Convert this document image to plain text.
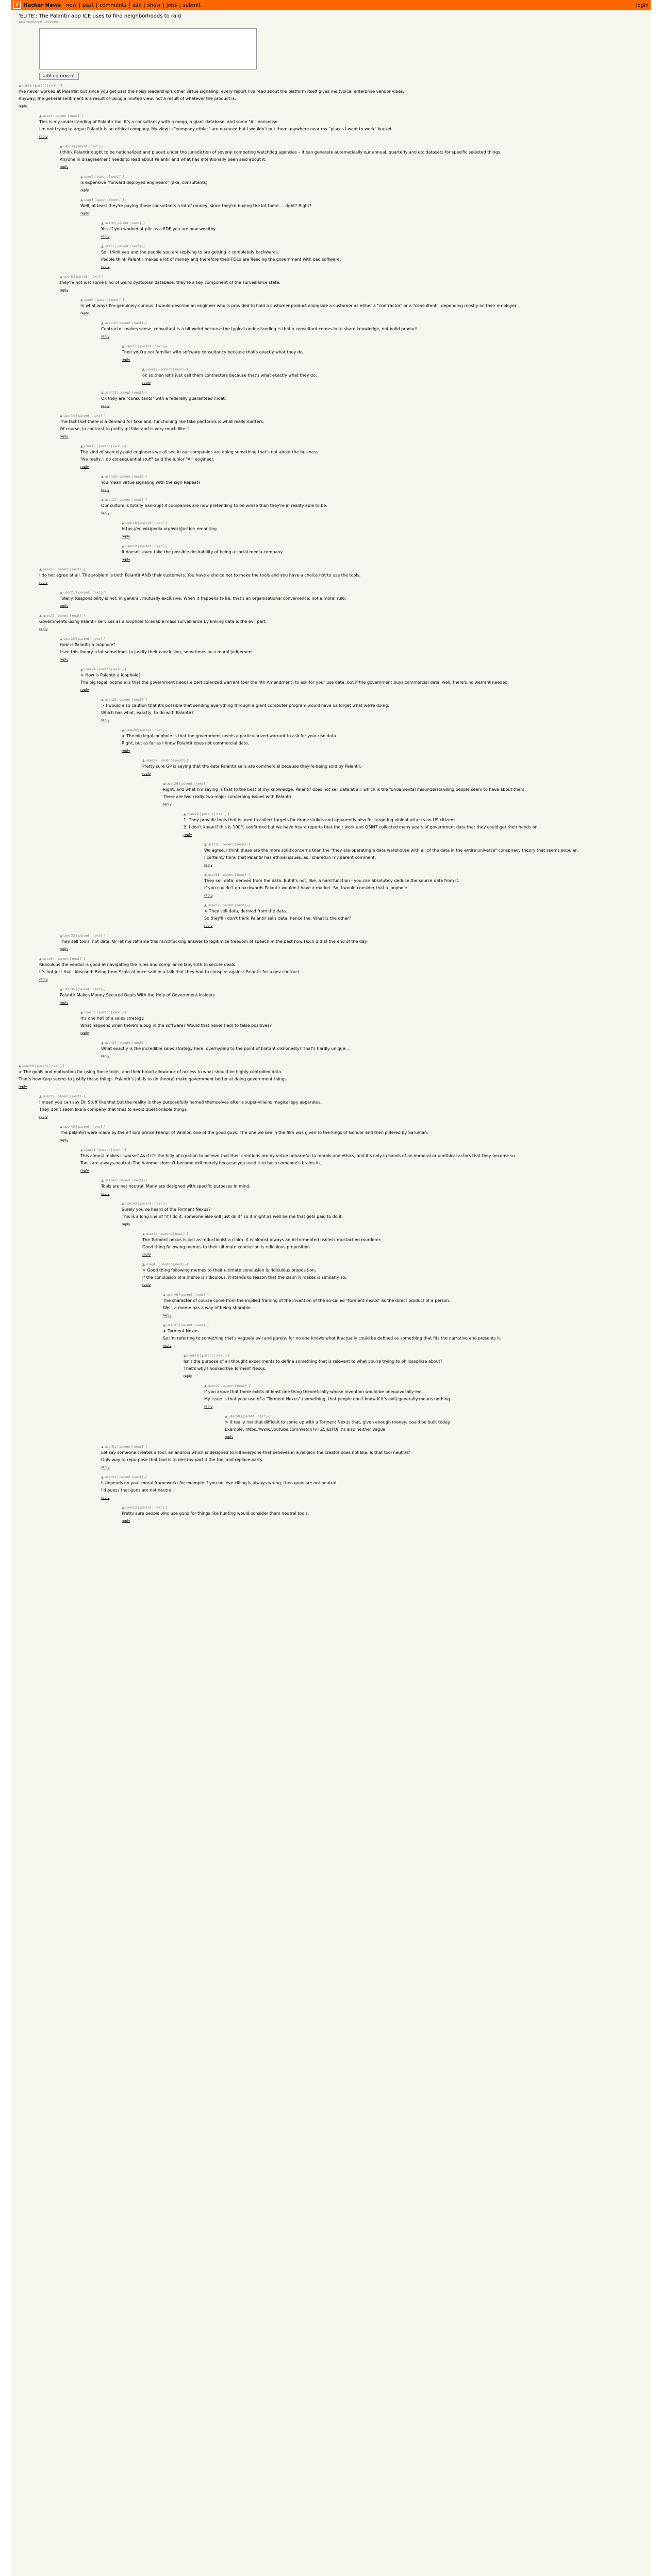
Y Hacker News new | past | comments | ask | show | jobs | submit	login
'ELITE': The Palantir app ICE uses to find neighborhoods to raid
404media.co · discuss
add comment
▲ user1 | parent | next [–]

I've never worked at Palantir, but since you get past the noisy leadership's other virtue signaling, every report I've read about the platform itself gives me typical enterprise vendor vibes.

Anyway, the general sentiment is a result of using a limited view, not a result of whatever the product is.

reply
▲ user2 | parent | next [–]

This is my understanding of Palantir too. It's a consultancy with a mega, a giant database, and some "AI" nonsense.

I'm not trying to argue Palantir is an ethical company. My view is "company ethics" are nuanced but I wouldn't put them anywhere near my "places I want to work" bucket.

reply
▲ user3 | parent | next [–]

I think Palantir ought to be nationalized and placed under the jurisdiction of several competing watchdog agencies – it can generate automatically our annual, quarterly and etc datasets for specific selected things.

Anyone in disagreement needs to read about Palantir and what has intentionally been said about it.

reply
▲ user4 | parent | next [–]

Is expensive "forward deployed engineers" (aka, consultants)

reply
▲ user5 | parent | next [–]

Well, at least they're paying those consultants a lot of money, since they're buying the lot there.... right? Right?

reply
▲ user6 | parent | next [–]

Yes. If you worked at pltr as a FDE you are now wealthy.

reply
▲ user7 | parent | next [–]

So I think you and the people you are replying to are getting it completely backwards.

People think Palantir makes a lot of money and therefore their FDEs are fleecing the government with bad software.

reply
▲ user8 | parent | next [–]

they're not just some kind of weird dystopian database, they're a key component of the surveillance state.

reply
▲ user9 | parent | next [–]

In what way? I'm genuinely curious. I would describe an engineer who is provided to hold a customer product alongside a customer as either a "contractor" or a "consultant", depending mostly on their employer.

reply
▲ user10 | parent | next [–]

Contractor makes sense, consultant is a bit weird because the typical understanding is that a consultant comes in to share knowledge, not build product.

reply
▲ user11 | parent | next [–]

Then you're not familiar with software consultancy because that's exactly what they do.

reply
▲ user12 | parent | next [–]

ok so then let's just call them contractors because that's what exactly what they do.

reply
▲ user13 | parent | next [–]

Ok they are "consultants" with a federally guaranteed moat.

reply
▲ user14 | parent | next [–]

The fact that there is a demand for fake and, functioning like fake platforms is what really matters.

Of course, in contrast to pretty all fake and is very much like it.

reply
▲ user15 | parent | next [–]

The kind of scarcely-paid engineers we all see in our companies are doing something that's not about the business.

"No really, I do consequential stuff" said the junior "AI" engineer.

reply
▲ user16 | parent | next [–]

You mean virtue signaling with the sign Repeat?

reply
▲ user17 | parent | next [–]

Our culture is totally bankrupt if companies are now pretending to be worse than they're in reality able to be.

reply
▲ user18 | parent | next [–]

https://en.wikipedia.org/wiki/Justice_emanting

reply
▲ user19 | parent | next [–]

It doesn't even take the possible desirability of being a social media company.

reply
▲ user20 | parent | next [–]

I do not agree at all. The problem is both Palantir AND their customers. You have a choice not to make the tools and you have a choice not to use the tools.

reply
▲ user21 | parent | next [–]

Totally. Responsibility is not, in general, mutually exclusive. When it happens to be, that's an organisational convenience, not a moral rule.

reply
▲ user22 | parent | next [–]

Governments using Palantir services as a loophole to enable mass surveillance by linking data is the evil part.

reply
▲ user23 | parent | next [–]

How is Palantir a loophole?

I see this theory a lot sometimes to justify their conclusion, sometimes as a moral judgement.

reply
▲ user24 | parent | next [–]

> How is Palantir a loophole?

The big legal loophole is that the government needs a particularized warrant (per the 4th Amendment) to ask for your use data, but if the government buys commercial data, well, there's no warrant needed.

reply
▲ user25 | parent | next [–]

> I would also caution that it's possible that sending everything through a giant computer program would have us forget what we're doing.

Which has what, exactly, to do with Palantir?

reply
▲ user26 | parent | next [–]

> The big legal loophole is that the government needs a particularized warrant to ask for your use data.

Right, but as far as I know Palantir does not commercial data.

reply
▲ user27 | parent | next [–]

Pretty sure GP is saying that the data Palantir sells are commercial because they're being sold by Palantir.

reply
▲ user28 | parent | next [–]

Right, and what I'm saying is that to the best of my knowledge, Palantir does not sell data at all, which is the fundamental misunderstanding people seem to have about them.

There are two really two major concerning issues with Palantir:

reply
▲ user29 | parent | next [–]

1. They provide tools that is used to collect targets for drone strikes and apparently also for targeting violent attacks on US citizens.

2. I don't know if this is 100% confirmed but we have heard reports that their work and OSINT collected many years of government data that they could get their hands on.

reply
▲ user30 | parent | next [–]

We agree, I think these are the more solid concerns than the "they are operating a data warehouse with all of the data in the entire universe" conspiracy theory that seems popular.

I certainly think that Palantir has ethical issues, as I shared in my parent comment.

reply
▲ user31 | parent | next [–]

They sell data, derived from the data. But it's not, like, a hard function - you can absolutely deduce the source data from it.

If you couldn't go backwards Palantir wouldn't have a market. So, I would consider that a loophole.

reply
▲ user32 | parent | next [–]

> They sell data, derived from the data.

So they'll I don't think Palantir sells data, hence the. What is the other?

reply
▲ user33 | parent | next [–]

They sell tools, not data. Or let me reframe this mind-fucking answer to legitimize freedom of speech in the past how Hoch did at the end of the day.

reply
▲ user34 | parent | next [–]

Ridiculous the vendor is good at navigating the rules and compliance labyrinth to secure deals.

It's not just that. Abscond: Being from Scala at once said in a talk that they had to conspire against Palantir for a gov contract.

reply
▲ user35 | parent | next [–]

Palantir Makes Money Secured Deals With the Help of Government Insiders

reply
▲ user36 | parent | next [–]

It's one hell of a sales strategy.

What happens when there's a bug in the software? Would that never (led) to false positives?

reply
▲ user37 | parent | next [–]

What exactly is the incredible sales strategy here, overhyping to the point of blatant dishonesty? That's hardly unique...

reply
▲ user38 | parent | next [–]

> The goals and motivation for using those tools, and their broad allowance of access to what should be highly controlled data.

That's how Karp seems to justify these things. Palantir's job is to (in theory) make government better at doing government things.

reply
▲ user39 | parent | next [–]

I mean you can say Dr. Stuff like that but the reality is they purposefully named themselves after a super-villains magical spy apparatus.

They don't seem like a company that tries to avoid questionable things.

reply
▲ user40 | parent | next [–]

The palantíri were made by the elf lord prince Fëanor of Valinor, one of the good guys. The one we see in the film was given to the kings of Gondor and then pilfered by Saruman.

reply
▲ user41 | parent | next [–]

This almost makes it worse? As if it's the hilly of creation to believe that their creations are by virtue unharmful to morals and ethics, and it's only in hands of an immoral or unethical actors that they become so.

Tools are always neutral. The hammer doesn't become evil merely because you used it to bash someone's brains in.

reply
▲ user42 | parent | next [–]

Tools are not neutral. Many are designed with specific purposes in mind.

reply
▲ user43 | parent | next [–]

Surely you've heard of the Torment Nexus?

This is a long line of "if I do it, someone else will just do it" so it might as well be me that gets paid to do it.

reply
▲ user44 | parent | next [–]

The Torment nexus is just as reductionist a claim. It is almost always an AI-tormented useless mustached murderer.

Good thing following memes to their ultimate conclusion is ridiculous proposition.

reply
▲ user45 | parent | next [–]

> Good thing following memes to their ultimate conclusion is ridiculous proposition.

If the conclusion of a meme is ridiculous, it stands to reason that the claim it makes is similarly so.

reply
▲ user46 | parent | next [–]

The character of course come from the implied framing of the invention of the so-called "torment nexus" as the direct product of a person.

Well, a meme has a way of being sharable.

reply
▲ user47 | parent | next [–]

> Torment Nexus

So I'm referring to something that's vaguely evil and purely, for no one knows what it actually could be defined as something that fits the narrative and presents it.

reply
▲ user48 | parent | next [–]

Isn't the purpose of all thought experiments to define something that is relevant to what you're trying to philosophize about?

That's why I hooked the Torment Nexus.

reply
▲ user49 | parent | next [–]

If you argue that there exists at least one thing theoretically whose invention would be unequivocally evil.

My issue is that your use of a "Torment Nexus" (something, that people don't know if it's evil) generally means nothing.

reply
▲ user50 | parent | next [–]

> It really not that difficult to come up with a Torment Nexus that, given enough money, could be built today.

Example: https://www.youtube.com/watch?v=Z5j6zFUj It's also neither vague.

reply
▲ user51 | parent | next [–]

Let say someone creates a tool, an android which is designed to kill everyone that believes in a religion the creator does not like. Is that tool neutral?

Only way to repurpose that tool is to destroy part it the tool and replace parts.

reply
▲ user52 | parent | next [–]

It depends on your moral framework; for example if you believe killing is always wrong, then guns are not neutral.

I'd guess that guns are not neutral.

reply
▲ user53 | parent | next [–]

Pretty sure people who use guns for things like hunting would consider them neutral tools.

reply
